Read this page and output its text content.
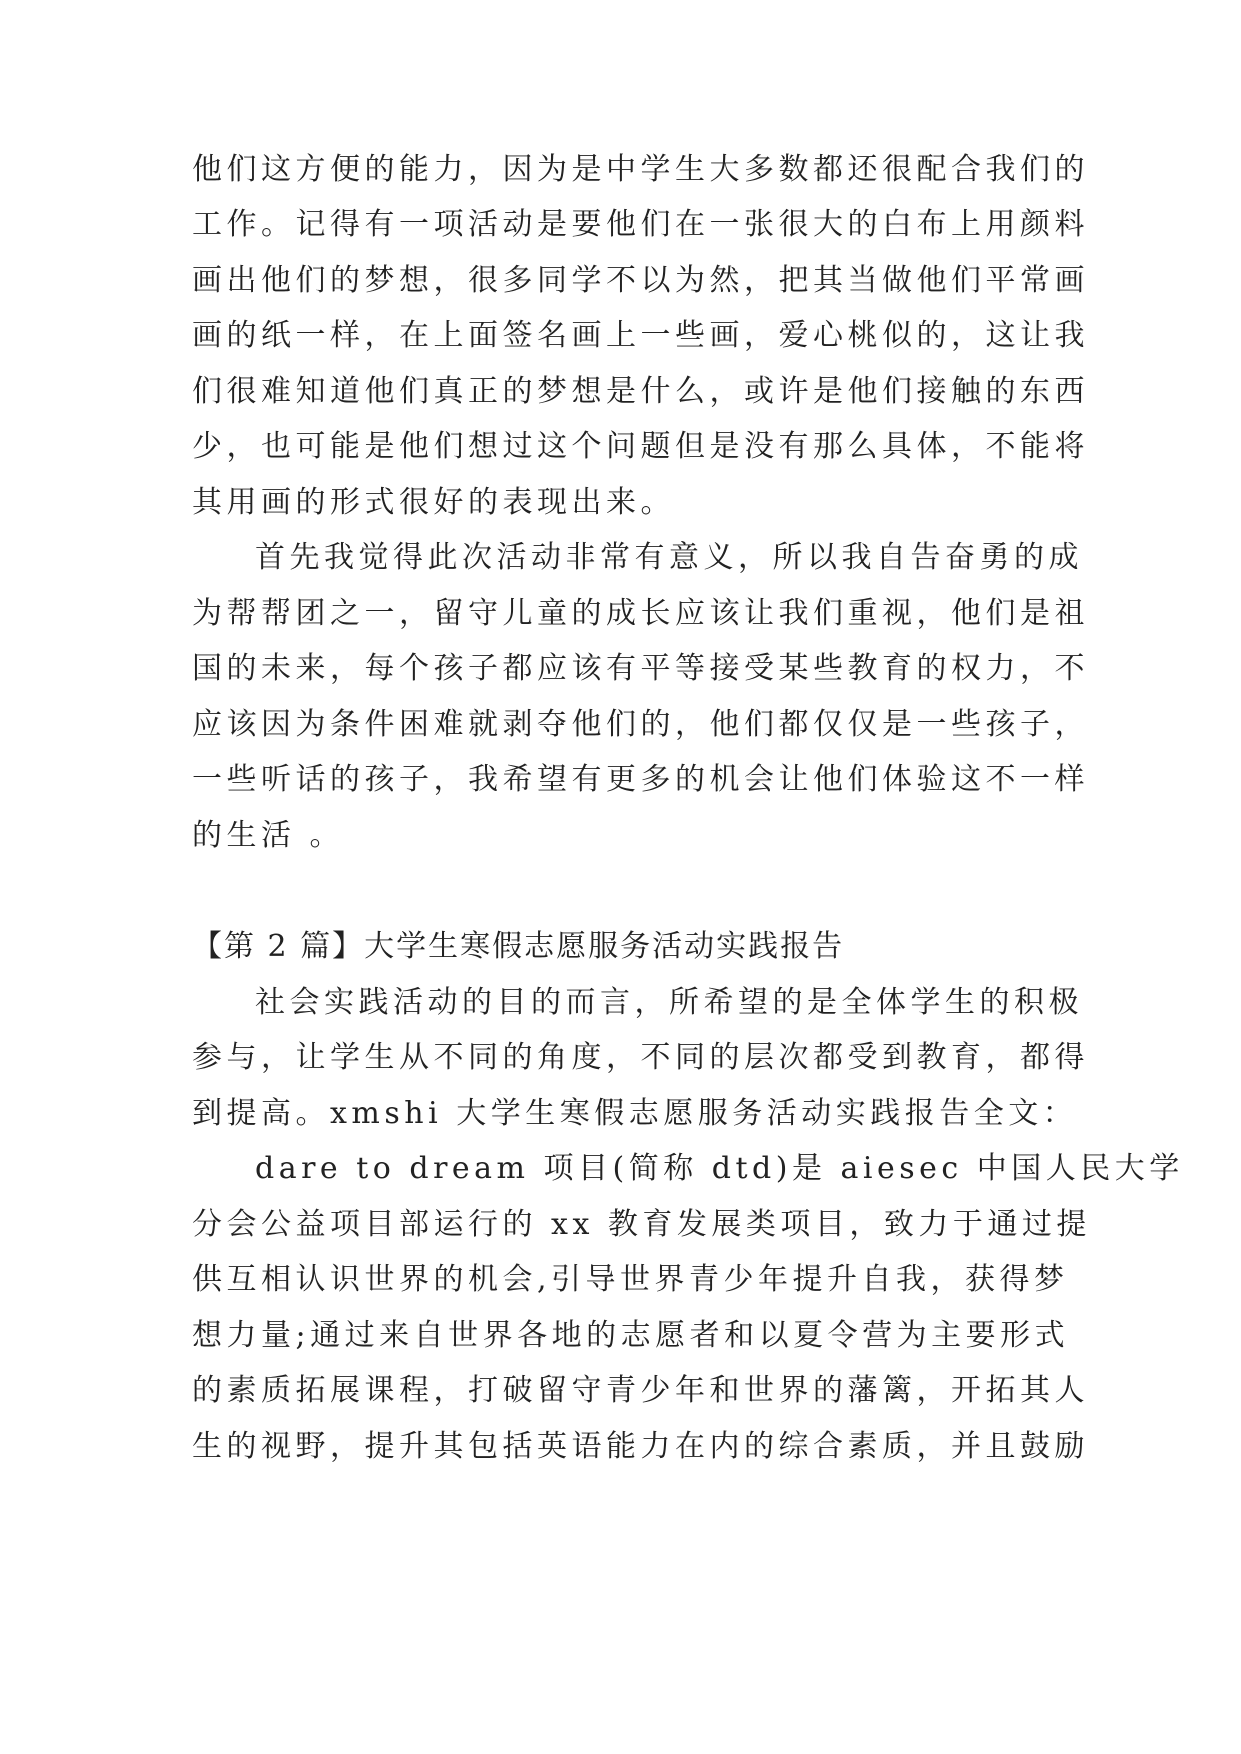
他们这方便的能力，因为是中学生大多数都还很配合我们的
工作。记得有一项活动是要他们在一张很大的白布上用颜料
画出他们的梦想，很多同学不以为然，把其当做他们平常画
画的纸一样，在上面签名画上一些画，爱心桃似的，这让我
们很难知道他们真正的梦想是什么，或许是他们接触的东西
少，也可能是他们想过这个问题但是没有那么具体，不能将
其用画的形式很好的表现出来。
首先我觉得此次活动非常有意义，所以我自告奋勇的成
为帮帮团之一，留守儿童的成长应该让我们重视，他们是祖
国的未来，每个孩子都应该有平等接受某些教育的权力，不
应该因为条件困难就剥夺他们的，他们都仅仅是一些孩子，
一些听话的孩子，我希望有更多的机会让他们体验这不一样
的生活 。
【第 2 篇】大学生寒假志愿服务活动实践报告
社会实践活动的目的而言，所希望的是全体学生的积极
参与，让学生从不同的角度，不同的层次都受到教育，都得
到提高。xmshi 大学生寒假志愿服务活动实践报告全文：
dare to dream 项目(简称 dtd)是 aiesec 中国人民大学
分会公益项目部运行的 xx 教育发展类项目，致力于通过提
供互相认识世界的机会,引导世界青少年提升自我，获得梦
想力量;通过来自世界各地的志愿者和以夏令营为主要形式
的素质拓展课程，打破留守青少年和世界的藩篱，开拓其人
生的视野，提升其包括英语能力在内的综合素质，并且鼓励
